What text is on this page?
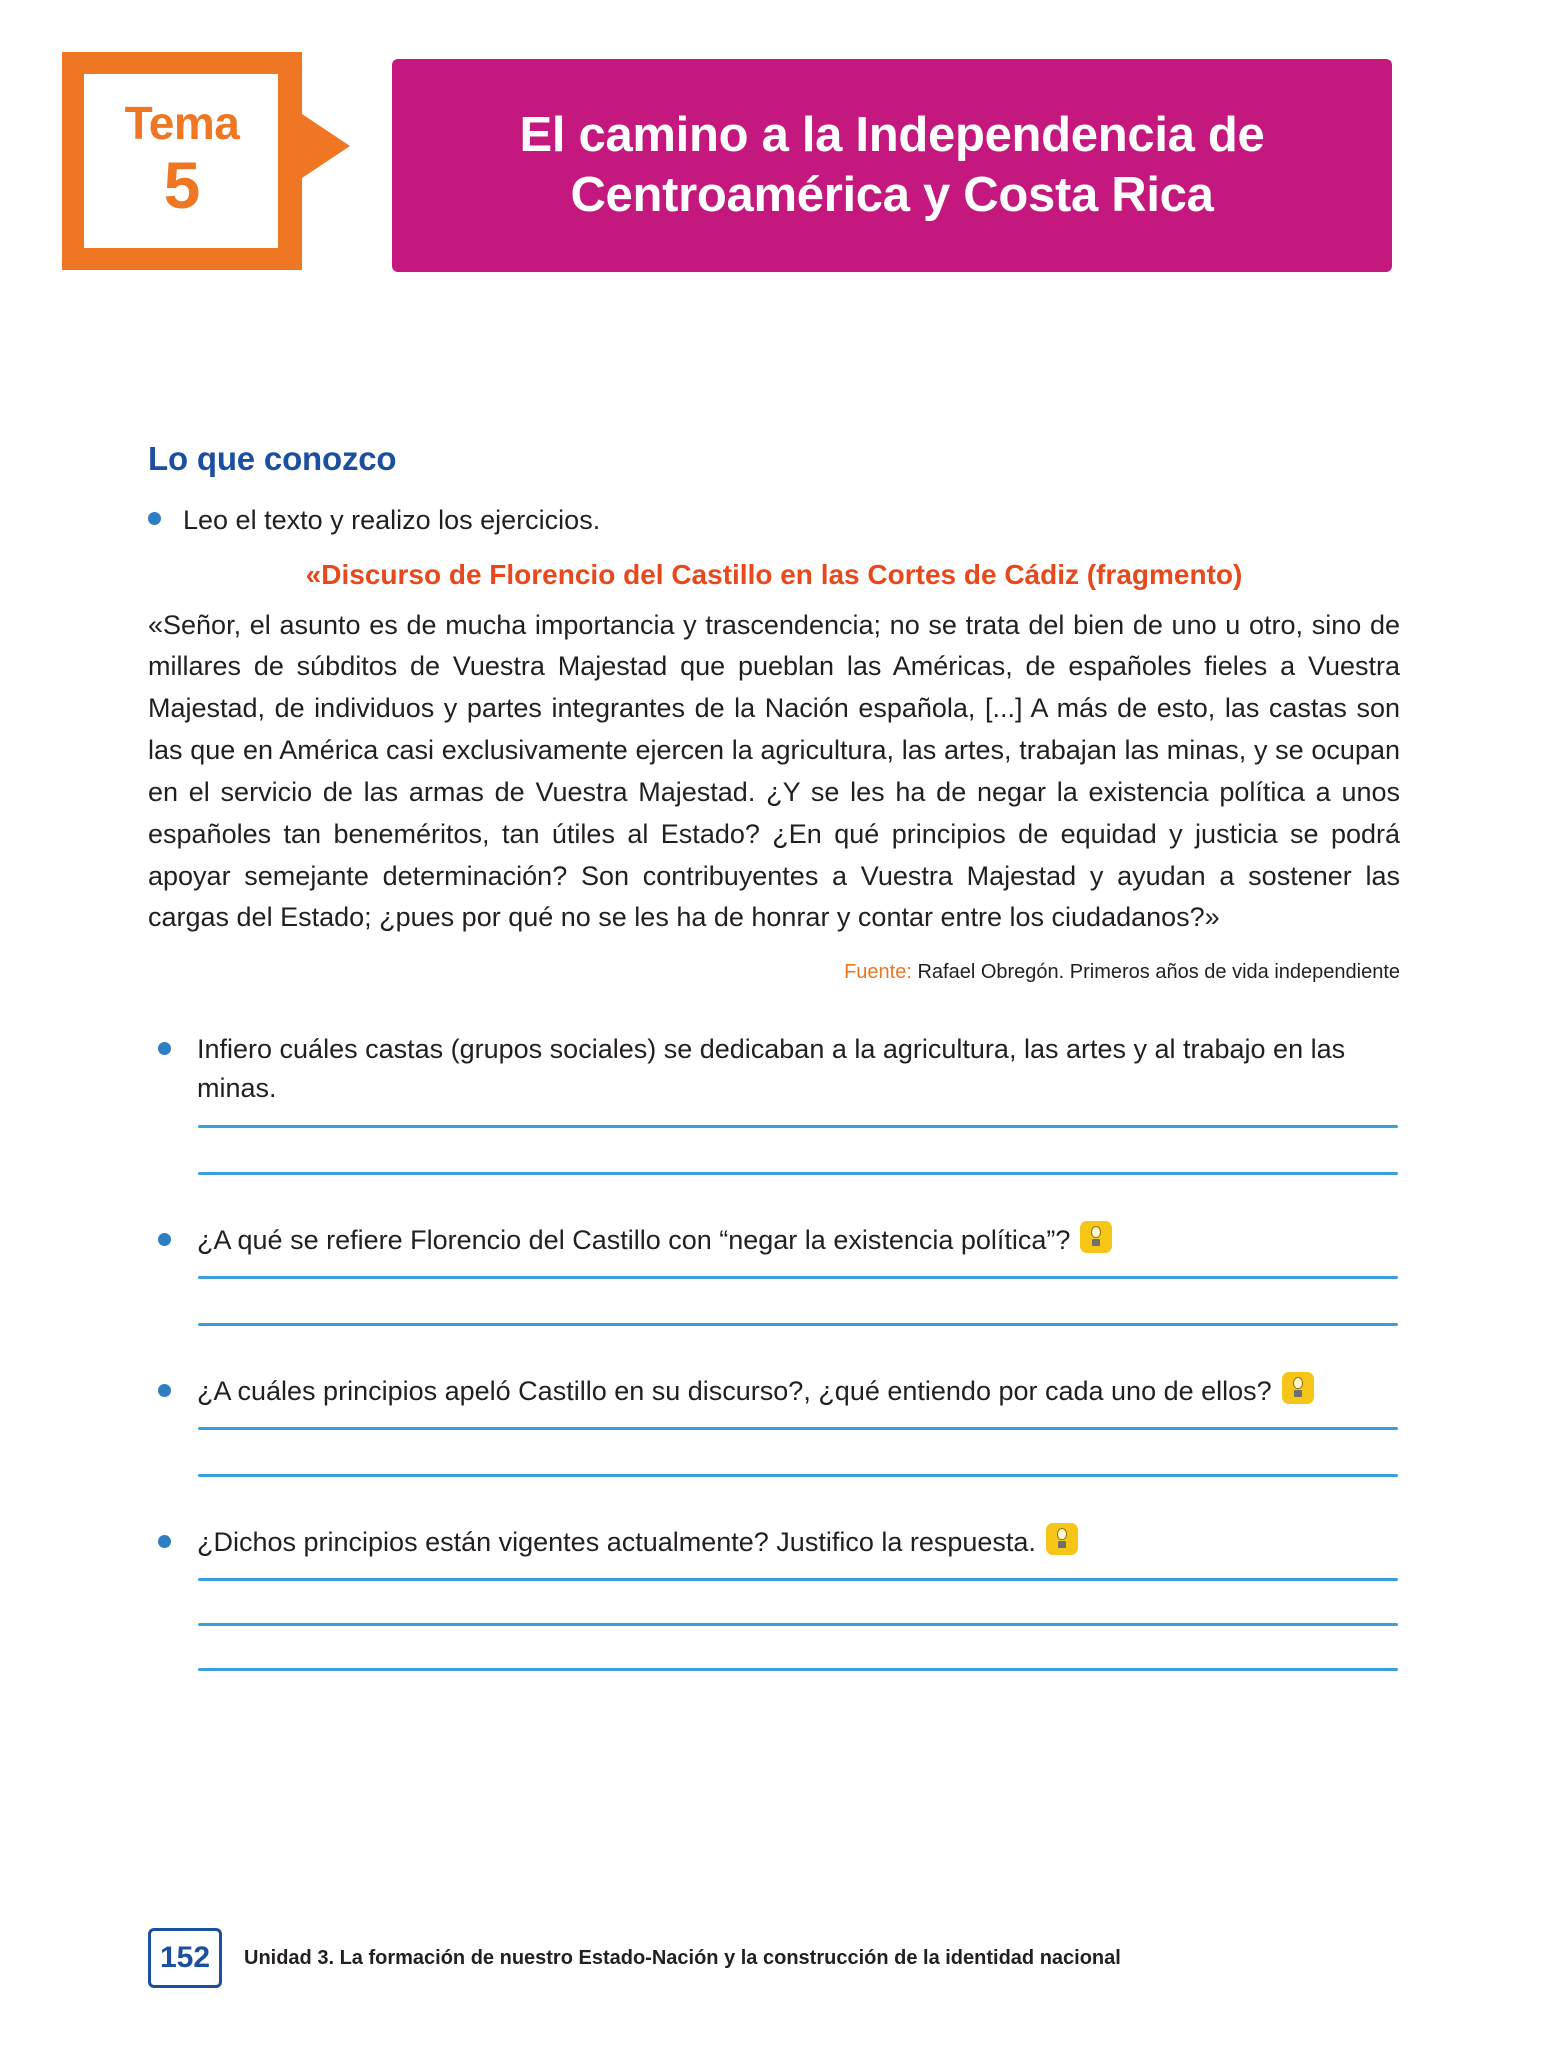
Tema
5
El camino a la Independencia de Centroamérica y Costa Rica
Lo que conozco
Leo el texto y realizo los ejercicios.
«Discurso de Florencio del Castillo en las Cortes de Cádiz (fragmento)

«Señor, el asunto es de mucha importancia y trascendencia; no se trata del bien de uno u otro, sino de millares de súbditos de Vuestra Majestad que pueblan las Américas, de españoles fieles a Vuestra Majestad, de individuos y partes integrantes de la Nación española, [...] A más de esto, las castas son las que en América casi exclusivamente ejercen la agricultura, las artes, trabajan las minas, y se ocupan en el servicio de las armas de Vuestra Majestad. ¿Y se les ha de negar la existencia política a unos españoles tan beneméritos, tan útiles al Estado? ¿En qué principios de equidad y justicia se podrá apoyar semejante determinación? Son contribuyentes a Vuestra Majestad y ayudan a sostener las cargas del Estado; ¿pues por qué no se les ha de honrar y contar entre los ciudadanos?»

Fuente: Rafael Obregón. Primeros años de vida independiente
Infiero cuáles castas (grupos sociales) se dedicaban a la agricultura, las artes y al trabajo en las minas.
¿A qué se refiere Florencio del Castillo con “negar la existencia política”?
¿A cuáles principios apeló Castillo en su discurso?, ¿qué entiendo por cada uno de ellos?
¿Dichos principios están vigentes actualmente? Justifico la respuesta.
152	Unidad 3. La formación de nuestro Estado-Nación y la construcción de la identidad nacional
